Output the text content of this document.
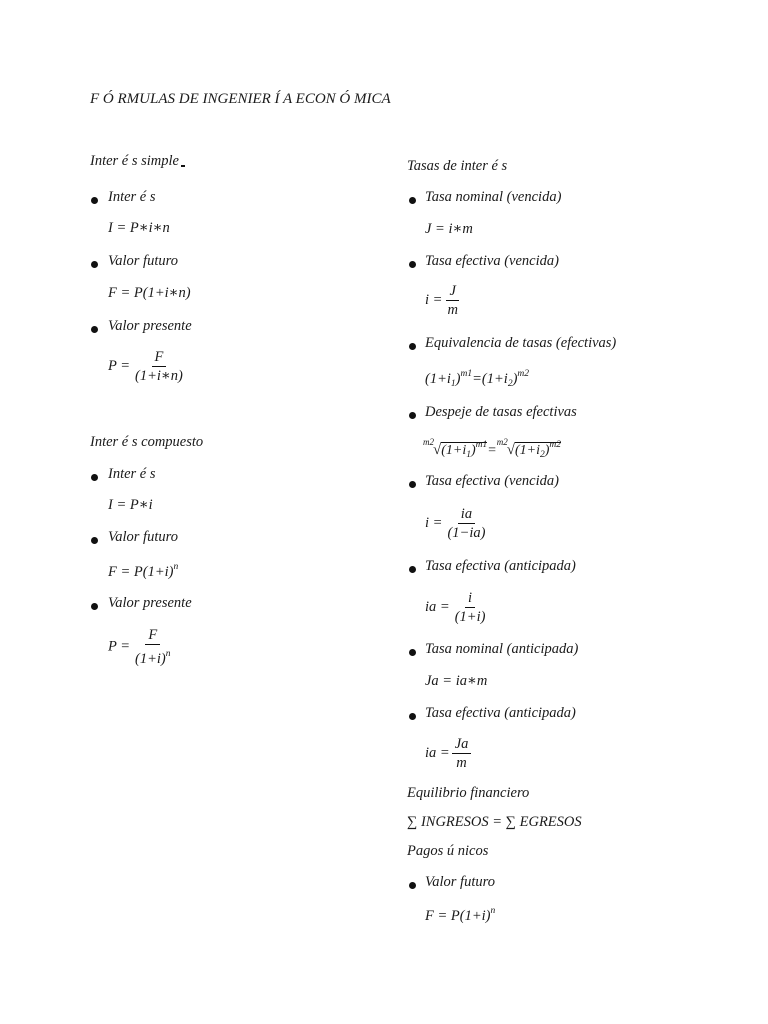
F Ó RMULAS DE INGENIER Í A ECON Ó MICA
Inter é s simple
Inter é s
I = P∗i∗n
Valor futuro
F = P(1+i∗n)
Valor presente
$P = \frac{F}{(1+i∗n)}$
Inter é s compuesto
Inter é s
I = P∗i
Valor futuro
$F = P(1+i)^n$
Valor presente
$P = \frac{F}{(1+i)^n}$
Tasas de inter é s
Tasa nominal (vencida)
J = i∗m
Tasa efectiva (vencida)
$i = \frac{J}{m}$
Equivalencia de tasas (efectivas)
$(1+i_1)^{m1}=(1+i_2)^{m2}$
Despeje de tasas efectivas
$^{m2}√(1+i_1)^{m1}=^{m2}√(1+i_2)^{m2}$
Tasa efectiva (vencida)
$i = \frac{ia}{(1-ia)}$
Tasa efectiva (anticipada)
ia = $\frac{i}{(1+i)}$
Tasa nominal (anticipada)
Ja = ia∗m
Tasa efectiva (anticipada)
ia = $\frac{Ja}{m}$
Equilibrio financiero
∑ INGRESOS = ∑ EGRESOS
Pagos ú nicos
Valor futuro
$F = P(1+i)^n$
